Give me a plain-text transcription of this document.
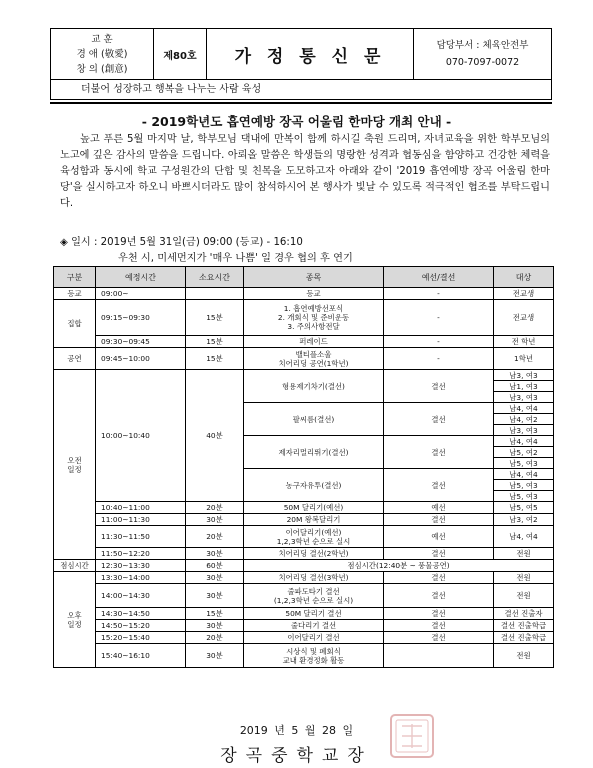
교 훈
경 애 (敬愛)
창 의 (創意)
제80호	가 정 통 신 문
담당부서 : 체육안전부
070-7097-0072
더불어 성장하고 행복을 나누는 사람 육성
- 2019학년도 흡연예방 장곡 어울림 한마당 개최 안내 -
높고 푸른 5월 마지막 날, 학부모님 댁내에 만복이 함께 하시길 축원 드리며, 자녀교육을 위한 학부모님의 노고에 깊은 감사의 말씀을 드립니다. 아뢰올 말씀은 학생들의 명랑한 성격과 협동심을 함양하고 건강한 체력을 육성함과 동시에 학교 구성원간의 단합 및 친목을 도모하고자 아래와 같이 '2019 흡연예방 장곡 어울림 한마당'을 실시하고자 하오니 바쁘시더라도 많이 참석하시어 본 행사가 빛날 수 있도록 적극적인 협조를 부탁드립니다.
◈ 일시 : 2019년 5월 31일(금) 09:00 (등교) - 16:10
우천 시, 미세먼지가 '매우 나쁨' 일 경우 협의 후 연기
구분	예정시간	소요시간	종목	예선/결선	대상
등교	09:00~		등교	-	전교생
집합	09:15~09:30	15분	1. 흡연예방선포식
2. 개회식 및 준비운동
3. 주의사항전달	-	전교생
	09:30~09:45	15분	퍼레이드	-	전 학년
공연	09:45~10:00	15분	밸티플소울
치어리딩 공연(1학년)	-	1학년

오전
일정	10:00~10:40	40분	형용제기차기(결선)	결선	남3, 여3
					남1, 여3
					남3, 여3
			팔씨름(결선)	결선	남4, 여4
					남4, 여2
					남3, 여3
			제자리멀리뛰기(결선)	결선	남4, 여4
					남5, 여2
					남5, 여3
			농구자유투(결선)	결선	남4, 여4
					남5, 여3
					남5, 여3
	10:40~11:00	20분	50M 달리기(예선)	예선	남5, 여5
	11:00~11:30	30분	20M 왕복달리기	결선	남3, 여2
	11:30~11:50	20분	이어달리기(예선)
1,2,3학년 순으로 실시	예선	남4, 여4
	11:50~12:20	30분	치어리딩 결선(2학년)	결선	전원
점심시간	12:30~13:30	60분	점심시간(12:40분 ~ 풍물공연)		

오후
일정	13:30~14:00	30분	치어리딩 결선(3학년)	결선	전원
	14:00~14:30	30분	줄파도타기 결선
(1,2,3학년 순으로 실시)	결선	전원
	14:30~14:50	15분	50M 달리기 결선	결선	결선 진출자
	14:50~15:20	30분	줄다리기 결선	결선	결선 진출학급
	15:20~15:40	20분	이어달리기 결선	결선	결선 진출학급
	15:40~16:10	30분	시상식 및 폐회식
교내 환경정화 활동		전원
2019 년 5 월 28 일
장곡중학교장
